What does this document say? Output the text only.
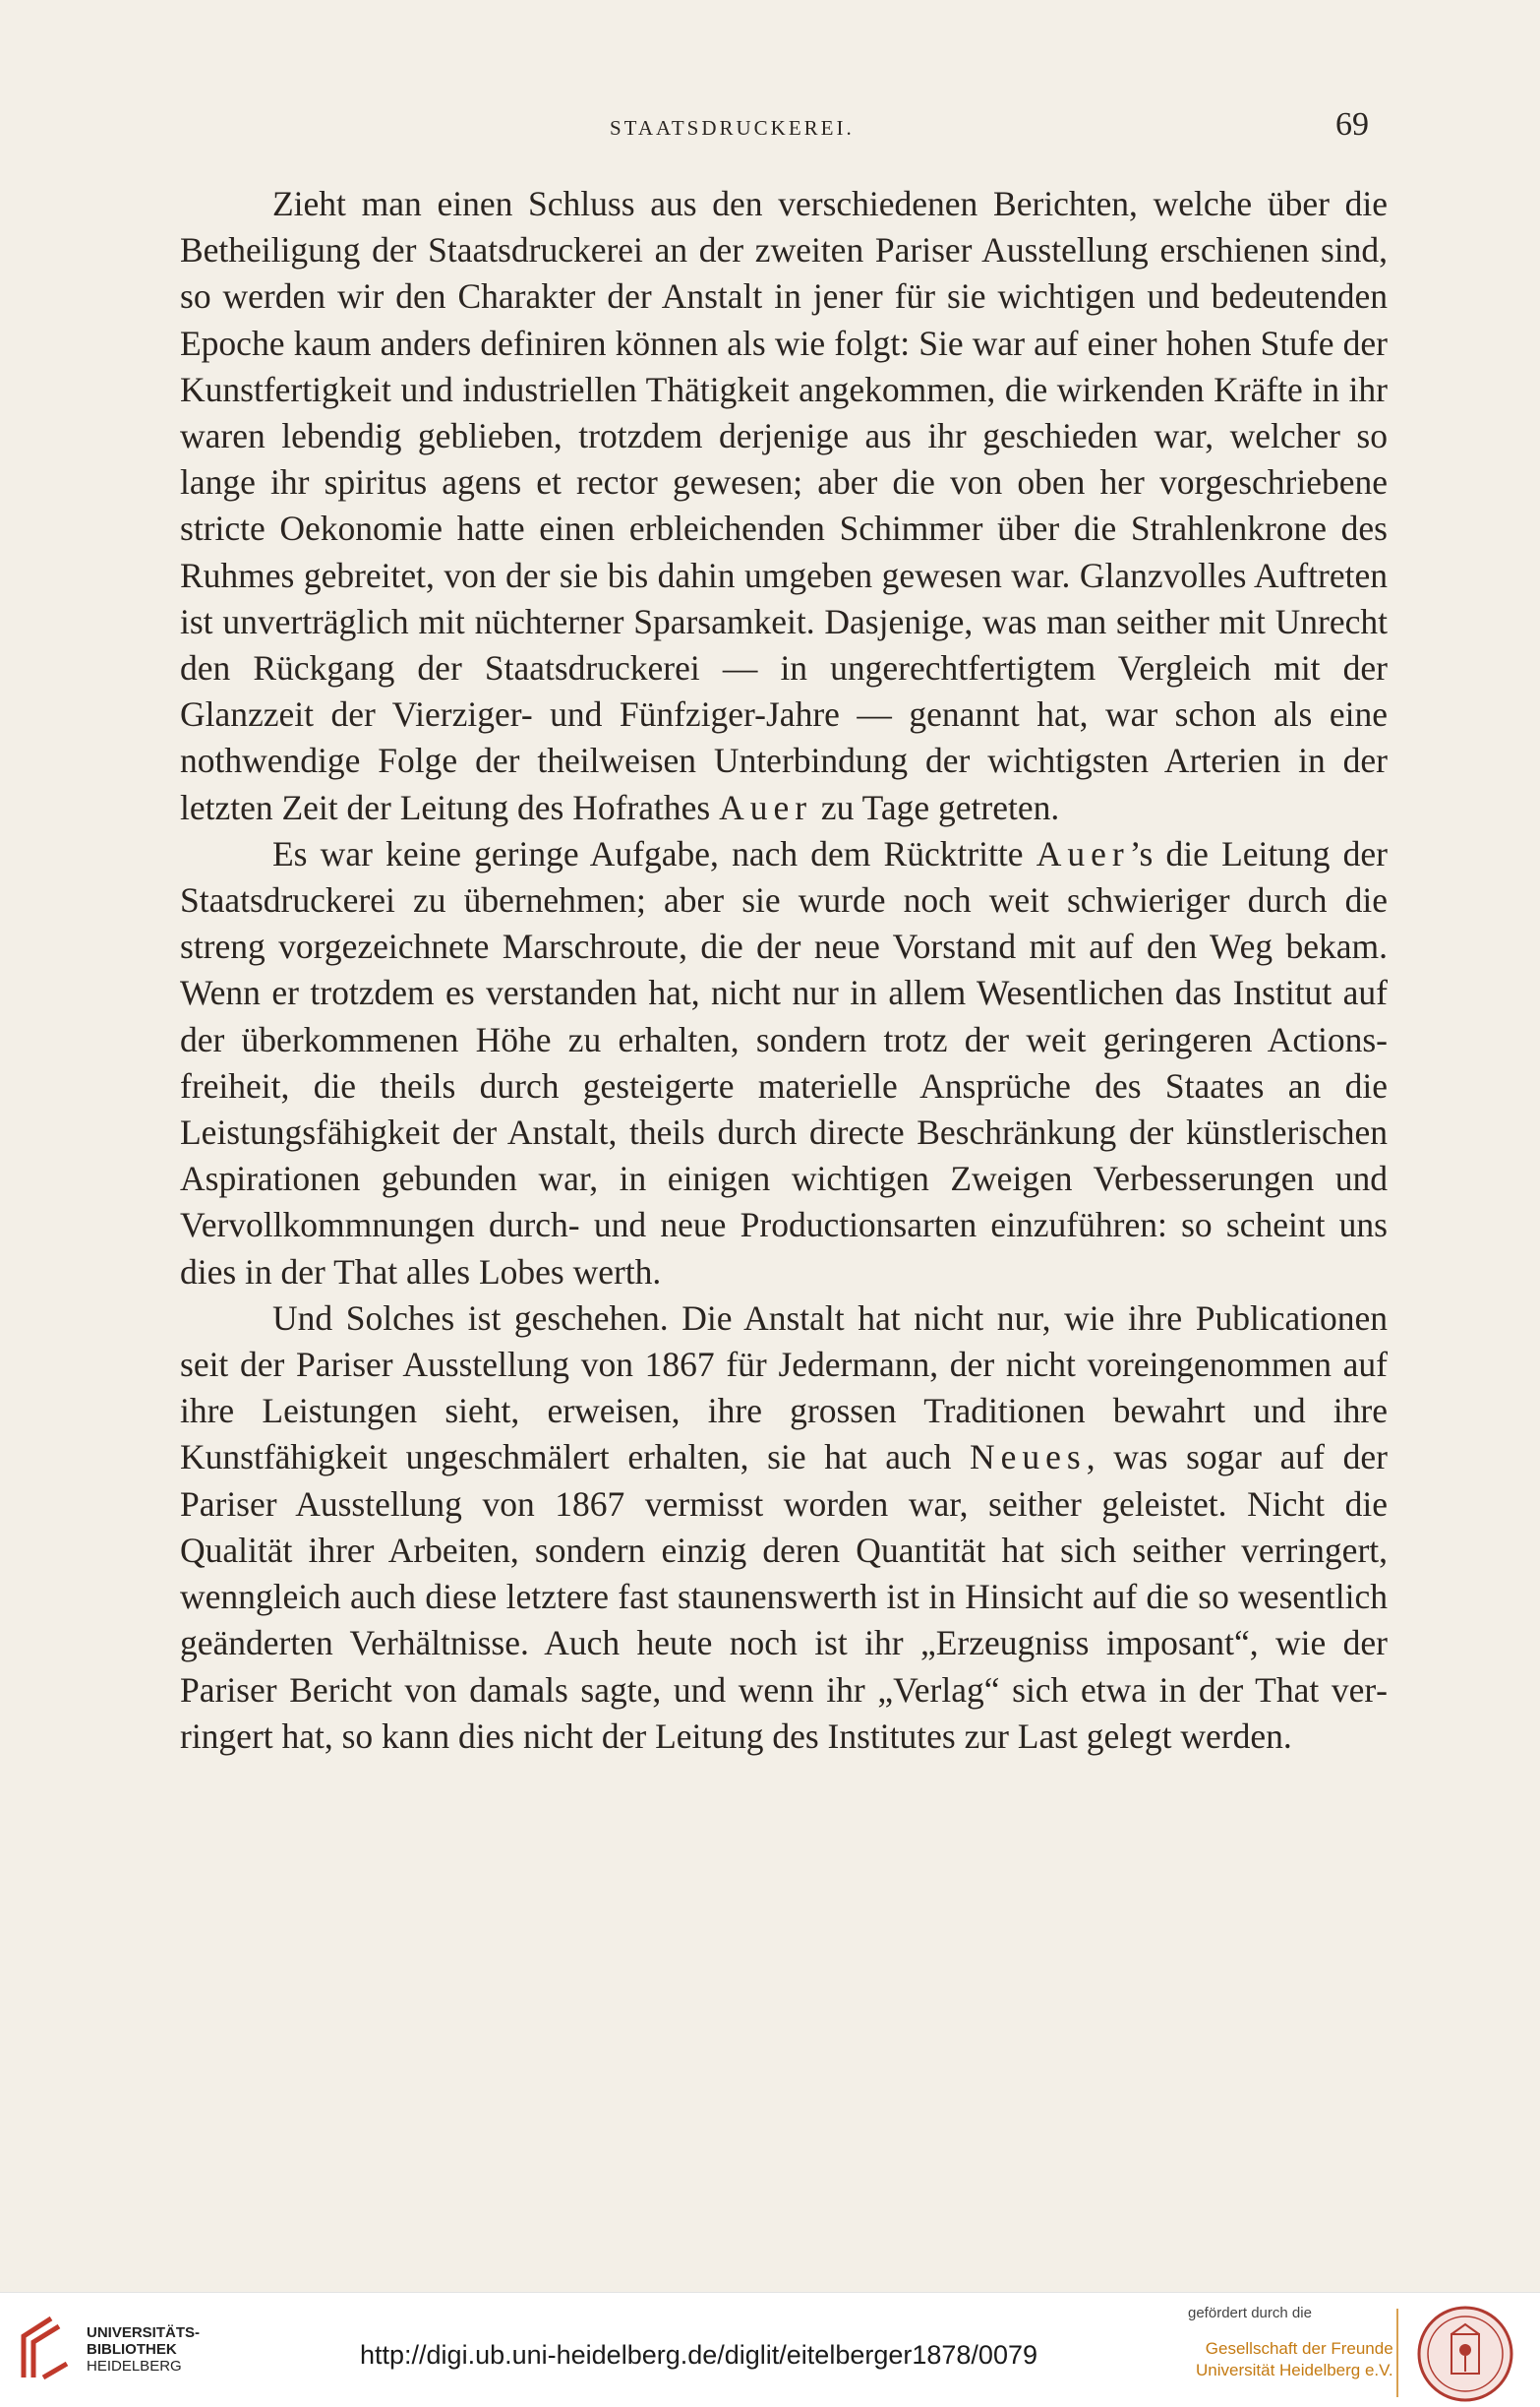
STAATSDRUCKEREI.	69

Zieht man einen Schluss aus den verschiedenen Berichten, welche über die Betheiligung der Staatsdruckerei an der zweiten Pariser Ausstellung erschienen sind, so werden wir den Charakter der Anstalt in jener für sie wichtigen und bedeutenden Epoche kaum anders definiren können als wie folgt: Sie war auf einer hohen Stufe der Kunstfertigkeit und industriellen Thätigkeit angekommen, die wirkenden Kräfte in ihr waren lebendig geblieben, trotzdem derjenige aus ihr geschieden war, welcher so lange ihr spiritus agens et rector gewesen; aber die von oben her vorgeschriebene stricte Oekonomie hatte einen erbleichenden Schimmer über die Strahlenkrone des Ruhmes gebreitet, von der sie bis dahin umgeben gewesen war. Glanzvolles Auftreten ist unverträglich mit nüchterner Sparsamkeit. Dasjenige, was man seither mit Unrecht den Rückgang der Staatsdruckerei — in ungerechtfertigtem Vergleich mit der Glanzzeit der Vierziger- und Fünfziger-Jahre — genannt hat, war schon als eine nothwendige Folge der theilweisen Unterbindung der wichtigsten Arterien in der letzten Zeit der Leitung des Hofrathes Auer zu Tage getreten.

Es war keine geringe Aufgabe, nach dem Rücktritte Auer’s die Leitung der Staatsdruckerei zu übernehmen; aber sie wurde noch weit schwieriger durch die streng vorgezeichnete Marschroute, die der neue Vorstand mit auf den Weg bekam. Wenn er trotzdem es verstanden hat, nicht nur in allem Wesentlichen das Institut auf der überkommenen Höhe zu erhalten, sondern trotz der weit geringeren Actionsfreiheit, die theils durch gesteigerte materielle Ansprüche des Staates an die Leistungsfähigkeit der Anstalt, theils durch directe Beschränkung der künstlerischen Aspirationen gebunden war, in einigen wichtigen Zweigen Verbesserungen und Vervollkommnungen durch- und neue Productionsarten einzuführen: so scheint uns dies in der That alles Lobes werth.

Und Solches ist geschehen. Die Anstalt hat nicht nur, wie ihre Publicationen seit der Pariser Ausstellung von 1867 für Jedermann, der nicht voreingenommen auf ihre Leistungen sieht, erweisen, ihre grossen Traditionen bewahrt und ihre Kunstfähigkeit ungeschmälert erhalten, sie hat auch Neues, was sogar auf der Pariser Ausstellung von 1867 vermisst worden war, seither geleistet. Nicht die Qualität ihrer Arbeiten, sondern einzig deren Quantität hat sich seither verringert, wenngleich auch diese letztere fast staunenswerth ist in Hinsicht auf die so wesentlich geänderten Verhältnisse. Auch heute noch ist ihr „Erzeugniss imposant“, wie der Pariser Bericht von damals sagte, und wenn ihr „Verlag“ sich etwa in der That verringert hat, so kann dies nicht der Leitung des Institutes zur Last gelegt werden.

UNIVERSITÄTS-
BIBLIOTHEK
HEIDELBERG	http://digi.ub.uni-heidelberg.de/diglit/eitelberger1878/0079
gefördert durch die
Gesellschaft der Freunde
Universität Heidelberg e.V.
